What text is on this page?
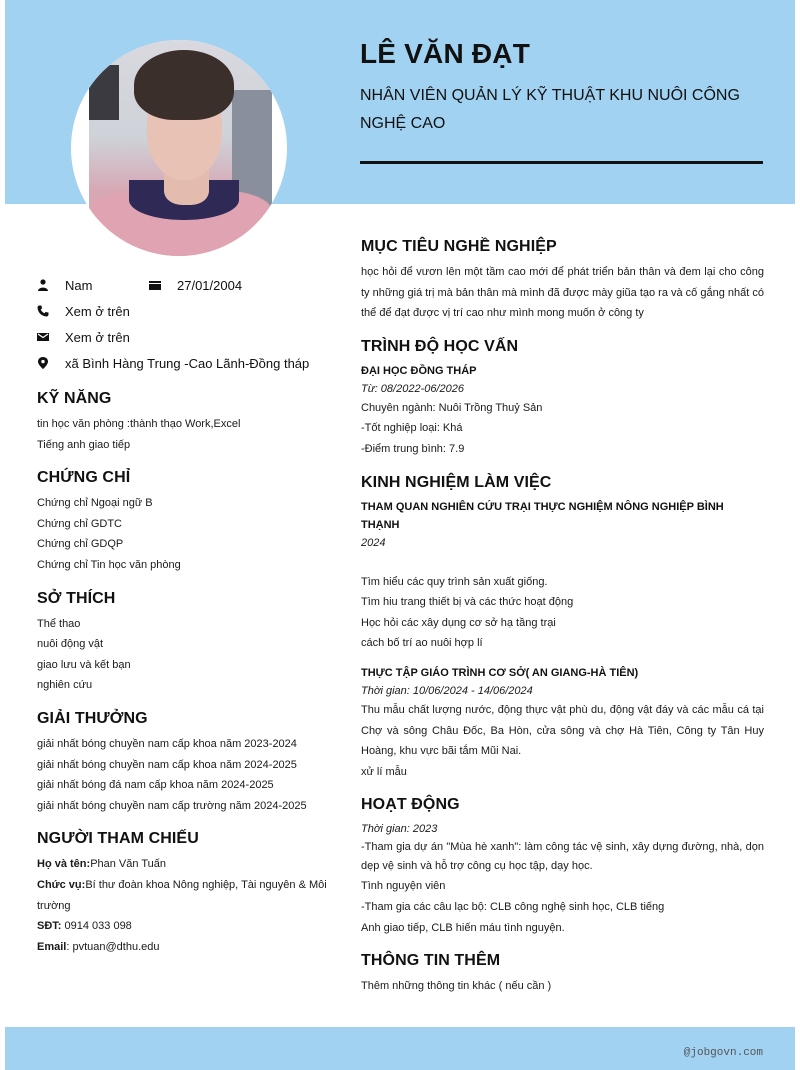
LÊ VĂN ĐẠT
NHÂN VIÊN QUẢN LÝ KỸ THUẬT KHU NUÔI CÔNG NGHỆ CAO
Nam	27/01/2004
Xem ở trên
Xem ở trên
xã Bình Hàng Trung -Cao Lãnh-Đồng tháp
KỸ NĂNG
tin học văn phòng :thành thạo Work,Excel
Tiếng anh giao tiếp
CHỨNG CHỈ
Chứng chỉ Ngoại ngữ B
Chứng chỉ GDTC
Chứng chỉ GDQP
Chứng chỉ Tin học văn phòng
SỞ THÍCH
Thể thao
nuôi động vật
giao lưu và kết bạn
nghiên cứu
GIẢI THƯỞNG
giải nhất bóng chuyền nam cấp khoa năm 2023-2024
giải nhất bóng chuyền nam cấp khoa năm 2024-2025
giải nhất bóng đá nam cấp khoa năm 2024-2025
giải nhất bóng chuyền nam cấp trường năm 2024-2025
NGƯỜI THAM CHIẾU
Họ và tên:Phan Văn Tuấn
Chức vụ:Bí thư đoàn khoa Nông nghiệp, Tài nguyên & Môi trường
SĐT: 0914 033 098
Email: pvtuan@dthu.edu
MỤC TIÊU NGHỀ NGHIỆP
học hỏi để vươn lên một tầm cao mới để phát triển bản thân và đem lại cho công ty những giá trị mà bản thân mà mình đã được mày giũa tạo ra và cố gắng nhất có thể để đạt được vị trí cao như mình mong muốn ở công ty
TRÌNH ĐỘ HỌC VẤN
ĐẠI HỌC ĐỒNG THÁP
Từ: 08/2022-06/2026
Chuyên ngành: Nuôi Trồng Thuỷ Sản
-Tốt nghiệp loại: Khá
-Điểm trung bình: 7.9
KINH NGHIỆM LÀM VIỆC
THAM QUAN NGHIÊN CỨU TRẠI THỰC NGHIỆM NÔNG NGHIỆP BÌNH THẠNH
2024
Tìm hiểu các quy trình sản xuất giống.
Tìm hiu trang thiết bị và các thức hoạt động
Học hỏi các xây dụng cơ sở hạ tầng trại
cách bố trí ao nuôi hợp lí
THỰC TẬP GIÁO TRÌNH CƠ SỞ( AN GIANG-HÀ TIÊN)
Thời gian: 10/06/2024 - 14/06/2024
Thu mẫu chất lượng nước, động thực vật phù du, động vật đáy và các mẫu cá tại Chợ và sông Châu Đốc, Ba Hòn, cửa sông và chợ Hà Tiên, Công ty Tân Huy Hoàng, khu vực bãi tắm Mũi Nai.
xử lí mẫu
HOẠT ĐỘNG
Thời gian: 2023
-Tham gia dự án "Mùa hè xanh": làm công tác vệ sinh, xây dựng đường, nhà, dọn dẹp vệ sinh và hỗ trợ công cụ học tập, dạy học.
Tình nguyện viên
-Tham gia các câu lạc bộ: CLB công nghệ sinh học, CLB tiếng
Anh giao tiếp, CLB hiến máu tình nguyện.
THÔNG TIN THÊM
Thêm những thông tin khác ( nếu cần )
@jobgovn.com
